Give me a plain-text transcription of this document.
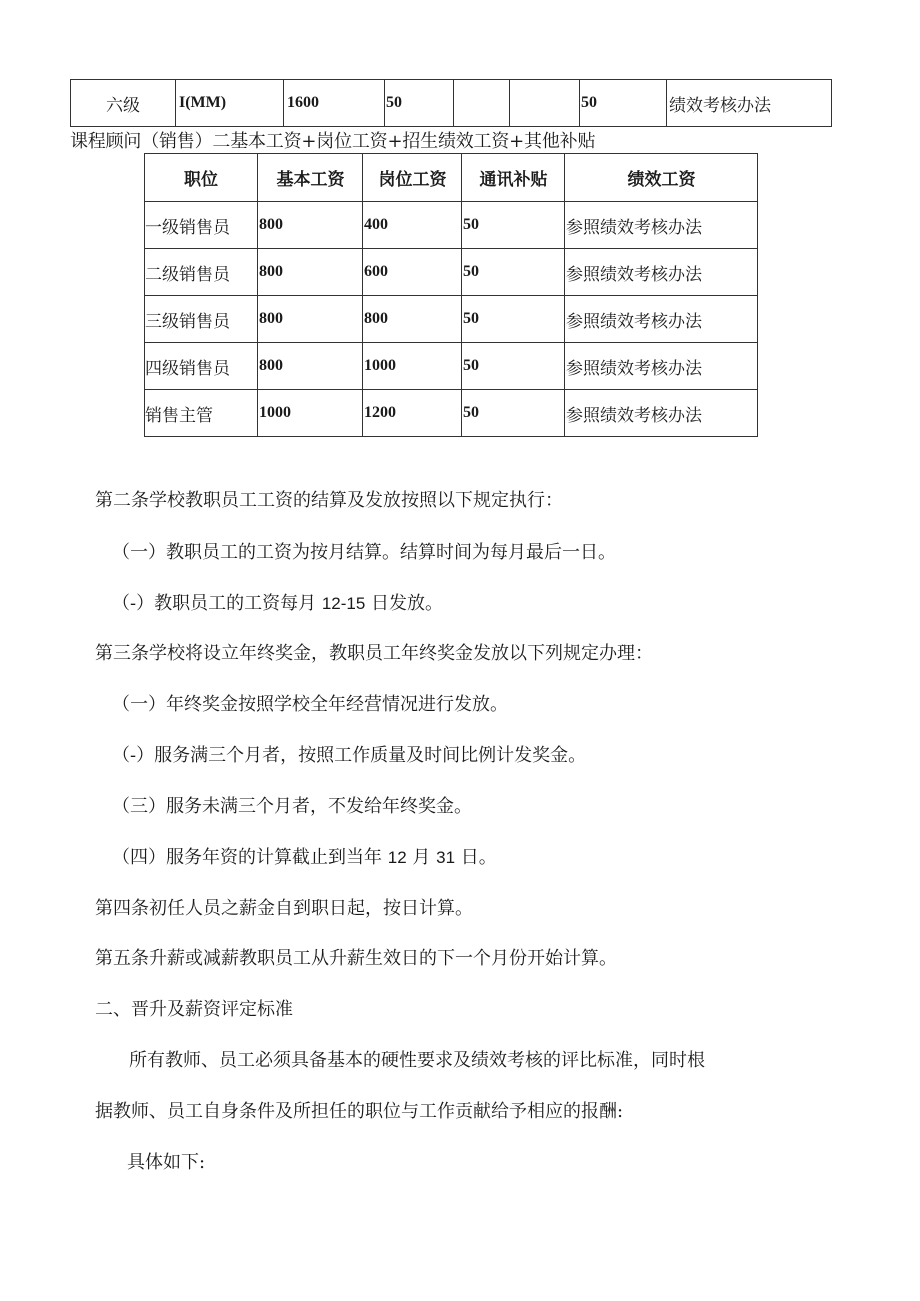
六级	I(MM)	1600	50			50	绩效考核办法
课程顾问（销售）二基本工资+岗位工资+招生绩效工资+其他补贴
职位	基本工资	岗位工资	通讯补贴	绩效工资
一级销售员	800	400	50	参照绩效考核办法
二级销售员	800	600	50	参照绩效考核办法
三级销售员	800	800	50	参照绩效考核办法
四级销售员	800	1000	50	参照绩效考核办法
销售主管	1000	1200	50	参照绩效考核办法
第二条学校教职员工工资的结算及发放按照以下规定执行：
（一）教职员工的工资为按月结算。结算时间为每月最后一日。
（-）教职员工的工资每月 12-15 日发放。
第三条学校将设立年终奖金，教职员工年终奖金发放以下列规定办理：
（一）年终奖金按照学校全年经营情况进行发放。
（-）服务满三个月者，按照工作质量及时间比例计发奖金。
（三）服务未满三个月者，不发给年终奖金。
（四）服务年资的计算截止到当年 12 月 31 日。
第四条初任人员之薪金自到职日起，按日计算。
第五条升薪或减薪教职员工从升薪生效日的下一个月份开始计算。
二、晋升及薪资评定标准
所有教师、员工必须具备基本的硬性要求及绩效考核的评比标准，同时根
据教师、员工自身条件及所担任的职位与工作贡献给予相应的报酬:
具体如下:
